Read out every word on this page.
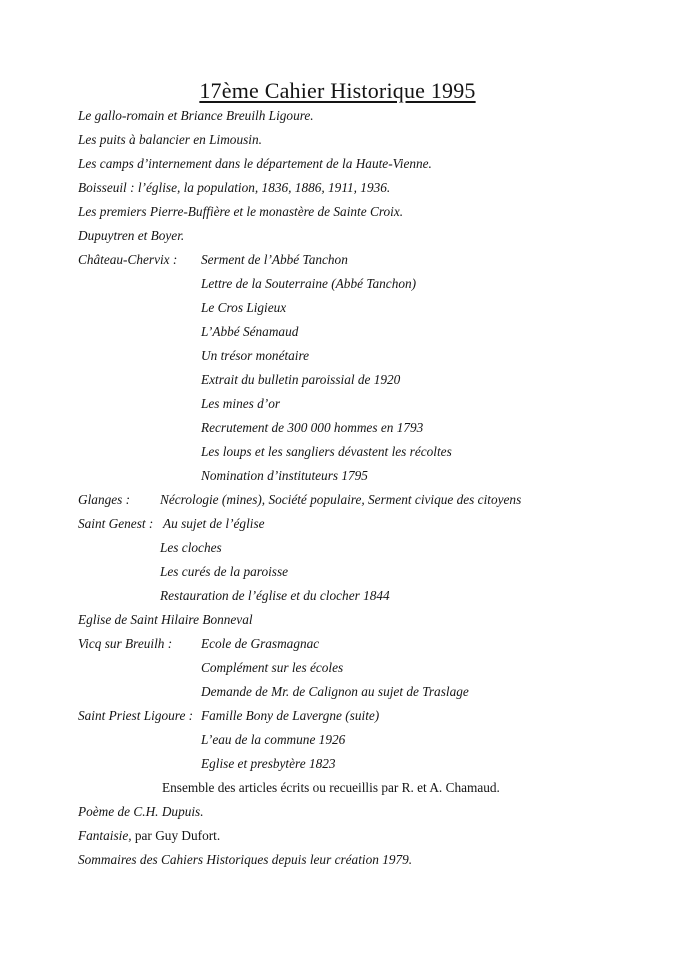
17ème Cahier Historique 1995
Le gallo-romain et Briance Breuilh Ligoure.
Les puits à balancier en Limousin.
Les camps d’internement dans le département de la Haute-Vienne.
Boisseuil : l’église, la population, 1836, 1886, 1911, 1936.
Les premiers Pierre-Buffière et le monastère de Sainte Croix.
Dupuytren et Boyer.
Château-Chervix : Serment de l’Abbé Tanchon
Lettre de la Souterraine (Abbé Tanchon)
Le Cros Ligieux
L’Abbé Sénamaud
Un trésor monétaire
Extrait du bulletin paroissial de 1920
Les mines d’or
Recrutement de 300 000 hommes en 1793
Les loups et les sangliers dévastent les récoltes
Nomination d’instituteurs 1795
Glanges : Nécrologie (mines), Société populaire, Serment civique des citoyens
Saint Genest : Au sujet de l’église
Les cloches
Les curés de la paroisse
Restauration de l’église et du clocher 1844
Eglise de Saint Hilaire Bonneval
Vicq sur Breuilh : Ecole de Grasmagnac
Complément sur les écoles
Demande de Mr. de Calignon au sujet de Traslage
Saint Priest Ligoure : Famille Bony de Lavergne (suite)
L’eau de la commune 1926
Eglise et presbytère 1823
Ensemble des articles écrits ou recueillis par R. et A. Chamaud.
Poème de C.H. Dupuis.
Fantaisie, par Guy Dufort.
Sommaires des Cahiers Historiques depuis leur création 1979.
